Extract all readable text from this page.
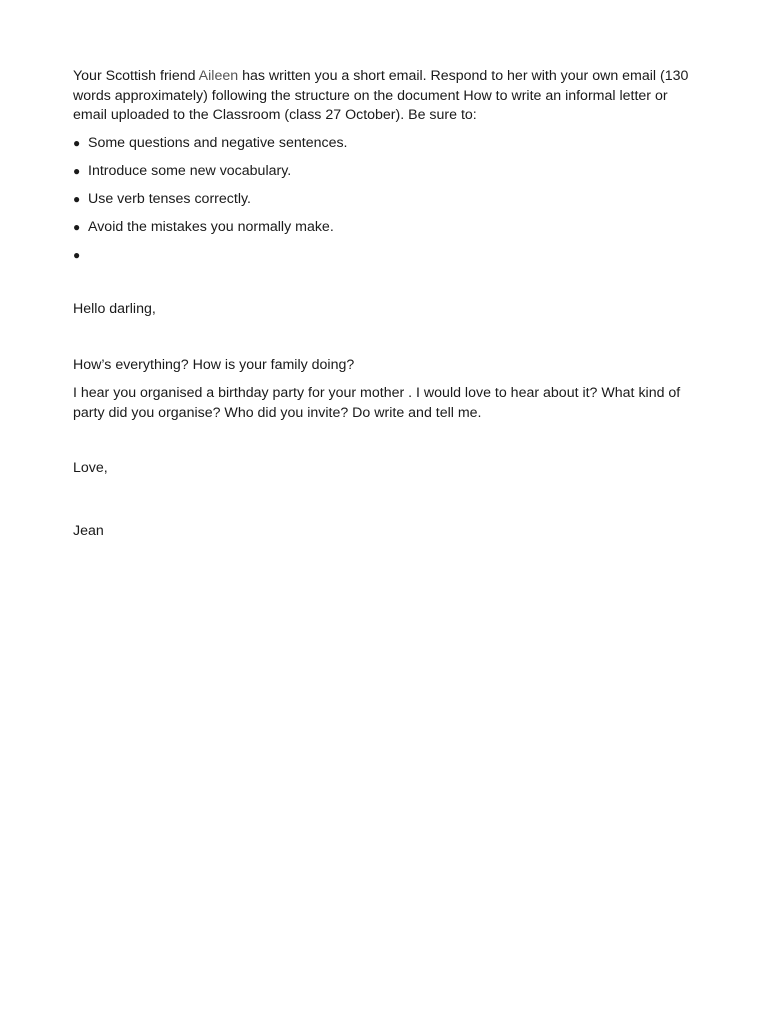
Your Scottish friend Aileen has written you a short email. Respond to her with your own email (130 words approximately) following the structure on the document How to write an informal letter or email uploaded to the Classroom (class 27 October). Be sure to:

● Some questions and negative sentences.
● Introduce some new vocabulary.
● Use verb tenses correctly.
● Avoid the mistakes you normally make.
●

Hello darling,

How’s everything? How is your family doing?

I hear you organised a birthday party for your mother . I would love to hear about it? What kind of party did you organise? Who did you invite? Do write and tell me.

Love,

Jean
